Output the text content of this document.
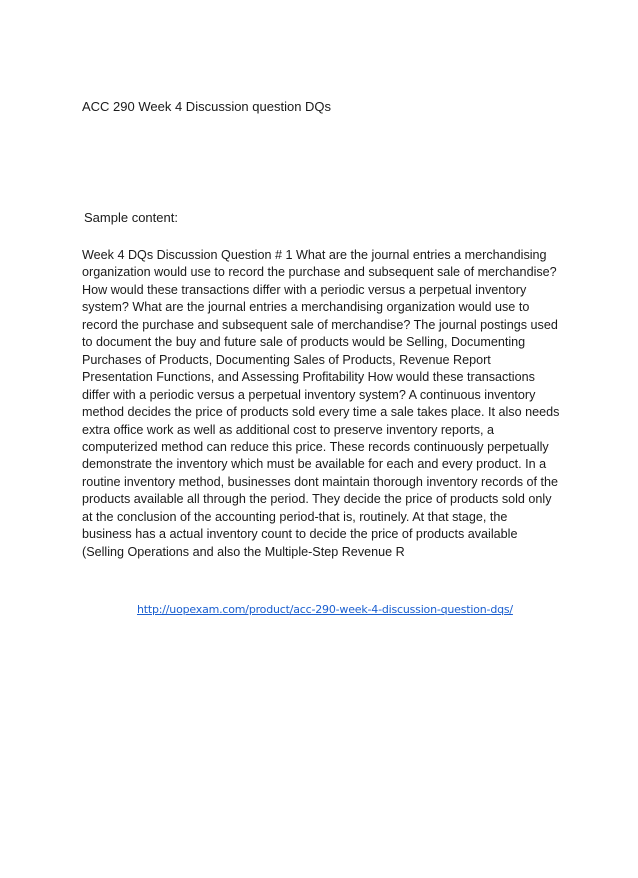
ACC 290 Week 4 Discussion question DQs
Sample content:

Week 4 DQs Discussion Question # 1 What are the journal entries a merchandising organization would use to record the purchase and subsequent sale of merchandise? How would these transactions differ with a periodic versus a perpetual inventory system? What are the journal entries a merchandising organization would use to record the purchase and subsequent sale of merchandise? The journal postings used to document the buy and future sale of products would be Selling, Documenting Purchases of Products, Documenting Sales of Products, Revenue Report Presentation Functions, and Assessing Profitability How would these transactions differ with a periodic versus a perpetual inventory system? A continuous inventory method decides the price of products sold every time a sale takes place. It also needs extra office work as well as additional cost to preserve inventory reports, a computerized method can reduce this price. These records continuously perpetually demonstrate the inventory which must be available for each and every product. In a routine inventory method, businesses dont maintain thorough inventory records of the products available all through the period. They decide the price of products sold only at the conclusion of the accounting period-that is, routinely. At that stage, the business has a actual inventory count to decide the price of products available (Selling Operations and also the Multiple-Step Revenue R

http://uopexam.com/product/acc-290-week-4-discussion-question-dqs/
